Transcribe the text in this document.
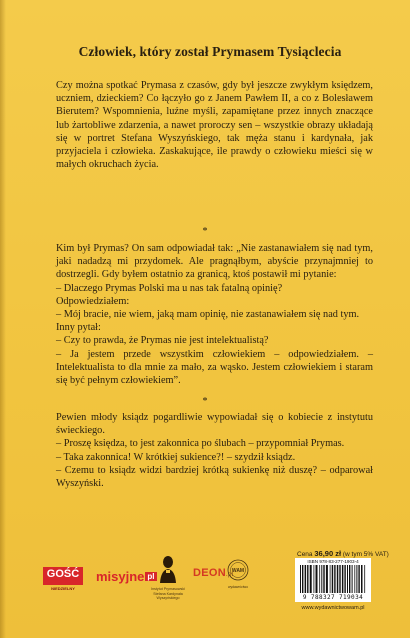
Człowiek, który został Prymasem Tysiąclecia

Czy można spotkać Prymasa z czasów, gdy był jeszcze zwykłym księdzem, uczniem, dzieckiem? Co łączyło go z Janem Pawłem II, a co z Bolesławem Bierutem? Wspomnienia, luźne myśli, zapamiętane przez innych znaczące lub żartobliwe zdarzenia, a nawet proroczy sen – wszystkie obrazy układają się w portret Stefana Wyszyńskiego, tak męża stanu i kardynała, jak przyjaciela i człowieka. Zaskakujące, ile prawdy o człowieku mieści się w małych okruchach życia.

*

Kim był Prymas? On sam odpowiadał tak: „Nie zastanawiałem się nad tym, jaki nadadzą mi przydomek. Ale pragnąłbym, abyście przynajmniej to dostrzegli. Gdy byłem ostatnio za granicą, ktoś postawił mi pytanie:

– Dlaczego Prymas Polski ma u nas tak fatalną opinię?

Odpowiedziałem:

– Mój bracie, nie wiem, jaką mam opinię, nie zastanawiałem się nad tym.

Inny pytał:

– Czy to prawda, że Prymas nie jest intelektualistą?

– Ja jestem przede wszystkim człowiekiem – odpowiedziałem. – Intelektualista to dla mnie za mało, za wąsko. Jestem człowiekiem i staram się być pełnym człowiekiem”.

*

Pewien młody ksiądz pogardliwie wypowiadał się o kobiecie z instytutu świeckiego.

– Proszę księdza, to jest zakonnica po ślubach – przypomniał Prymas.

– Taka zakonnica! W krótkiej sukience?! – szydził ksiądz.

– Czemu to ksiądz widzi bardziej krótką sukienkę niż duszę? – odparował Wyszyński.

GOŚĆ
NIEDZIELNY
misyjne pl
Instytut Prymasowski Stefana Kardynała Wyszyńskiego
DEON.pl
WAM
wydawnictwo
Cena 36,90 zł (w tym 5% VAT)
ISBN 978-83-277-1903-4
9 788327 719034
www.wydawnictwowam.pl
